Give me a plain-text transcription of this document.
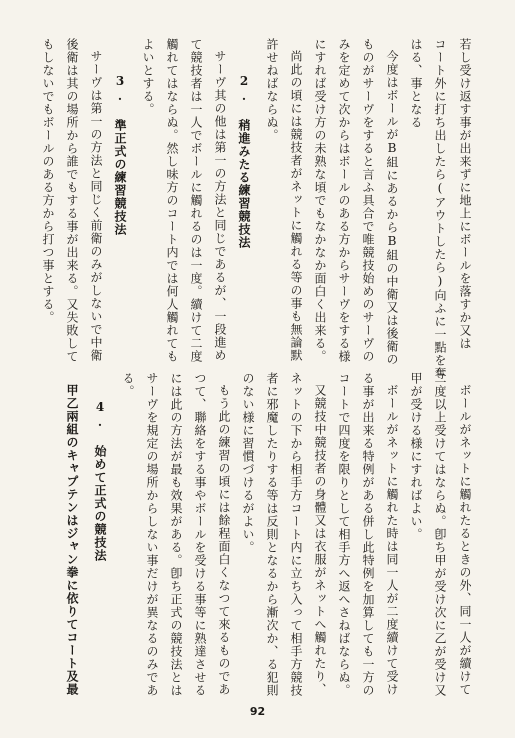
若し受け返す事が出来ずに地上にボールを落すか又は
コート外に打ち出したら(アウトしたら)向ふに一點を奪
はる、事となる
今度はボールがB組にあるからB組の中衛又は後衛の
ものがサーヴをすると言ふ具合で唯競技始めのサーヴの
みを定めて次からはボールのある方からサーヴをする様
にすれば受け方の未熟な頃でもなかなか面白く出来る。
尚此の頃には競技者がネットに觸れる等の事も無論默
許せねばならぬ。
2. 稍進みたる練習競技法
サーヴ其の他は第一の方法と同じであるが、一段進め
て競技者は一人でボールに觸れるのは一度。續けて二度
觸れてはならぬ。然し味方のコート内では何人觸れても
よいとする。
3. 準正式の練習競技法
サーヴは第一の方法と同じく前衛のみがしないで中衛
後衛は其の場所から誰でもする事が出来る。又失敗して
もしないでもボールのある方から打つ事とする。
ボールがネットに觸れたるときの外、同一人が續けて
二度以上受けてはならぬ。卽ち甲が受け次に乙が受け又
甲が受ける様にすればよい。
ボールがネットに觸れた時は同一人が二度續けて受け
る事が出来る特例がある併し此特例を加算しても一方の
コートで四度を限りとして相手方へ返へさねばならぬ。
又競技中競技者の身體又は衣服がネットへ觸れたり、
ネットの下から相手方コート内に立ち入って相手方競技
者に邪魔したりする等は反則となるから漸次か、る犯則
のない様に習慣づけるがよい。
もう此の練習の頃には餘程面白くなつて來るものであ
つて、聯絡をする事やボールを受ける事等に熟達させる
には此の方法が最も效果がある。卽ち正式の競技法とは
サーヴを規定の場所からしない事だけが異なるのみであ
る。
4. 始めて正式の競技法
甲乙兩組のキャプテンはジャン拳に依りてコート及最
92
